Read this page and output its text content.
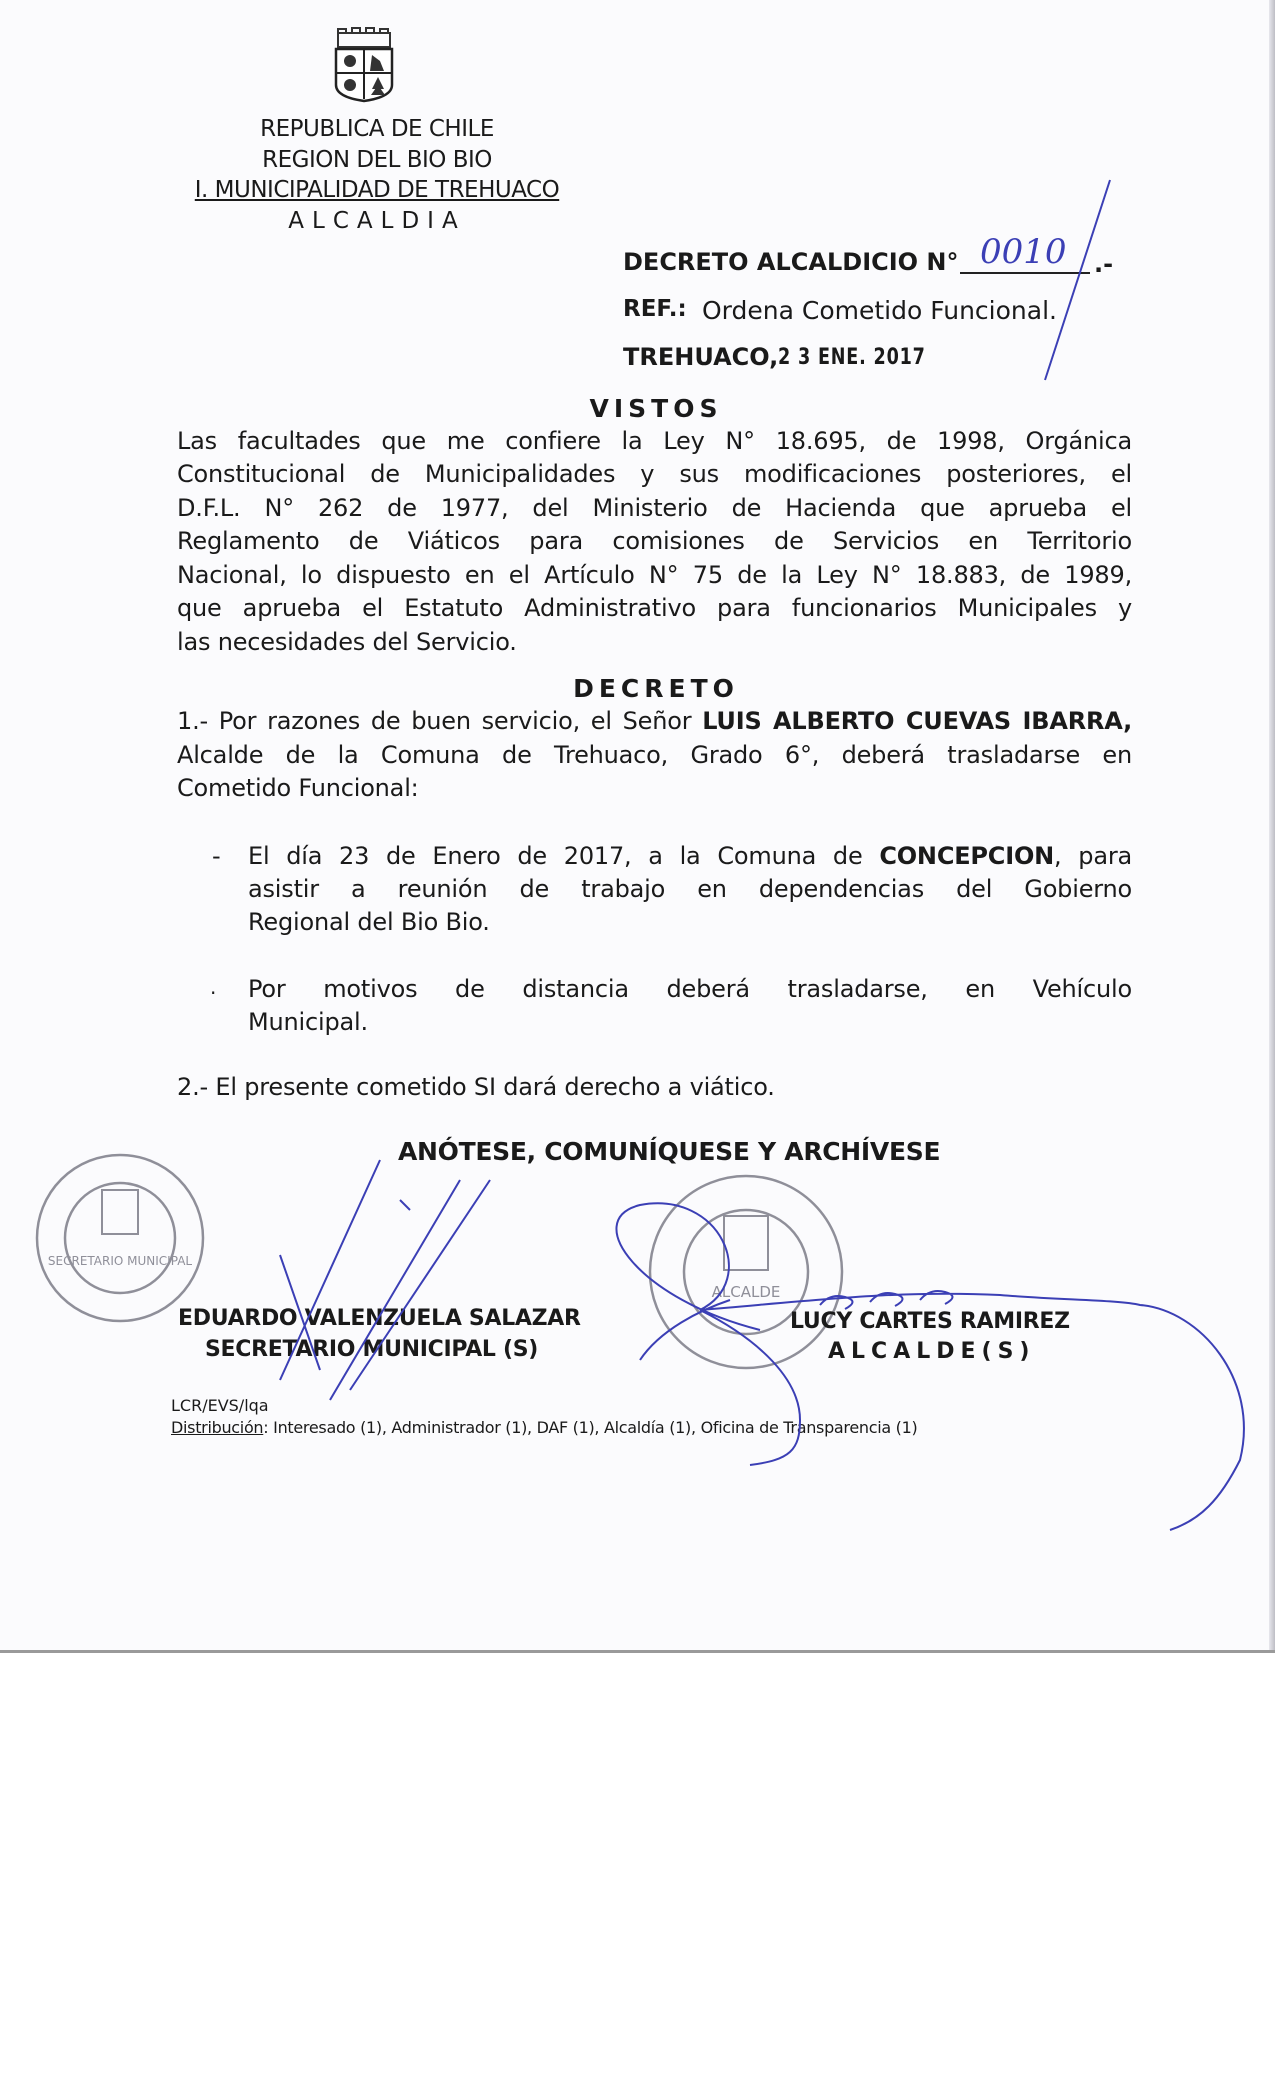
REPUBLICA DE CHILE
REGION DEL BIO BIO
I. MUNICIPALIDAD DE TREHUACO
ALCALDIA
DECRETO ALCALDICIO N° 0010 .-
REF.: Ordena Cometido Funcional.
TREHUACO, 2 3 ENE. 2017
VISTOS
Las facultades que me confiere la Ley N° 18.695, de 1998, Orgánica
Constitucional de Municipalidades y sus modificaciones posteriores, el
D.F.L. N° 262 de 1977, del Ministerio de Hacienda que aprueba el
Reglamento de Viáticos para comisiones de Servicios en Territorio
Nacional, lo dispuesto en el Artículo N° 75 de la Ley N° 18.883, de 1989,
que aprueba el Estatuto Administrativo para funcionarios Municipales y
las necesidades del Servicio.
DECRETO
1.- Por razones de buen servicio, el Señor LUIS ALBERTO CUEVAS IBARRA,
Alcalde de la Comuna de Trehuaco, Grado 6°, deberá trasladarse en
Cometido Funcional:
- El día 23 de Enero de 2017, a la Comuna de CONCEPCION, para
asistir a reunión de trabajo en dependencias del Gobierno
Regional del Bio Bio.
. Por motivos de distancia deberá trasladarse, en Vehículo
Municipal.
2.- El presente cometido SI dará derecho a viático.
ANÓTESE, COMUNÍQUESE Y ARCHÍVESE
SECRETARIO MUNICIPAL
ALCALDE
EDUARDO VALENZUELA SALAZAR
SECRETARIO MUNICIPAL (S)
LUCY CARTES RAMIREZ
ALCALDE(S)
LCR/EVS/lqa
Distribución: Interesado (1), Administrador (1), DAF (1), Alcaldía (1), Oficina de Transparencia (1)
